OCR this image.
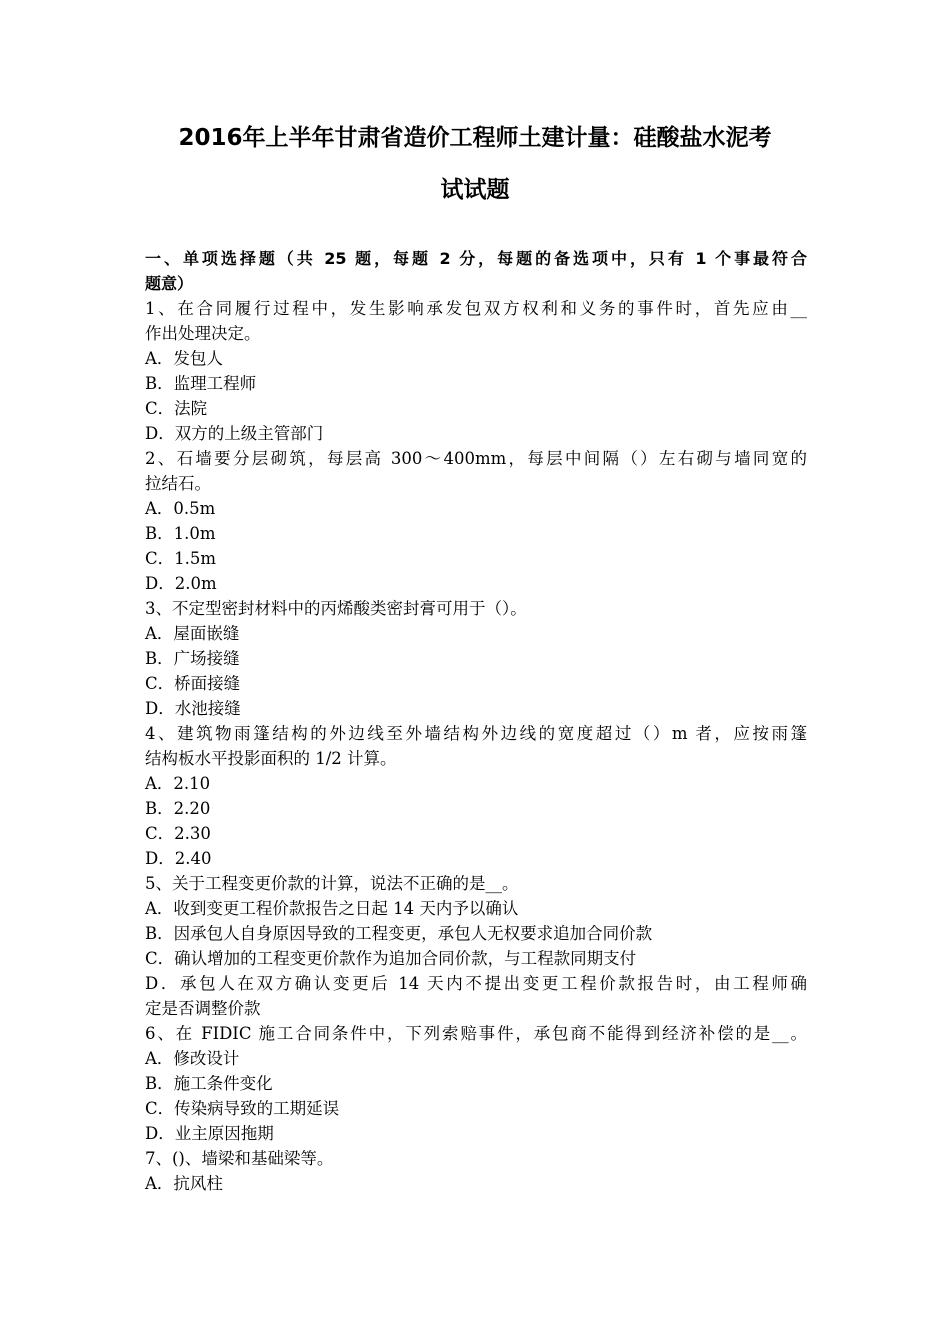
2016年上半年甘肃省造价工程师土建计量：硅酸盐水泥考
试试题

一、单项选择题（共 25 题，每题 2 分，每题的备选项中，只有 1 个事最符合

题意）

1、在合同履行过程中，发生影响承发包双方权利和义务的事件时，首先应由__

作出处理决定。

A．发包人

B．监理工程师

C．法院

D．双方的上级主管部门

2、石墙要分层砌筑，每层高 300～400mm，每层中间隔（）左右砌与墙同宽的

拉结石。

A．0.5m

B．1.0m

C．1.5m

D．2.0m

3、不定型密封材料中的丙烯酸类密封膏可用于（）。

A．屋面嵌缝

B．广场接缝

C．桥面接缝

D．水池接缝

4、建筑物雨篷结构的外边线至外墙结构外边线的宽度超过（）m 者，应按雨篷

结构板水平投影面积的 1/2 计算。

A．2.10

B．2.20

C．2.30

D．2.40

5、关于工程变更价款的计算，说法不正确的是__。

A．收到变更工程价款报告之日起 14 天内予以确认

B．因承包人自身原因导致的工程变更，承包人无权要求追加合同价款

C．确认增加的工程变更价款作为追加合同价款，与工程款同期支付

D．承包人在双方确认变更后 14 天内不提出变更工程价款报告时，由工程师确

定是否调整价款

6、在 FIDIC 施工合同条件中，下列索赔事件，承包商不能得到经济补偿的是__。

A．修改设计

B．施工条件变化

C．传染病导致的工期延误

D．业主原因拖期

7、()、墙梁和基础梁等。

A．抗风柱
